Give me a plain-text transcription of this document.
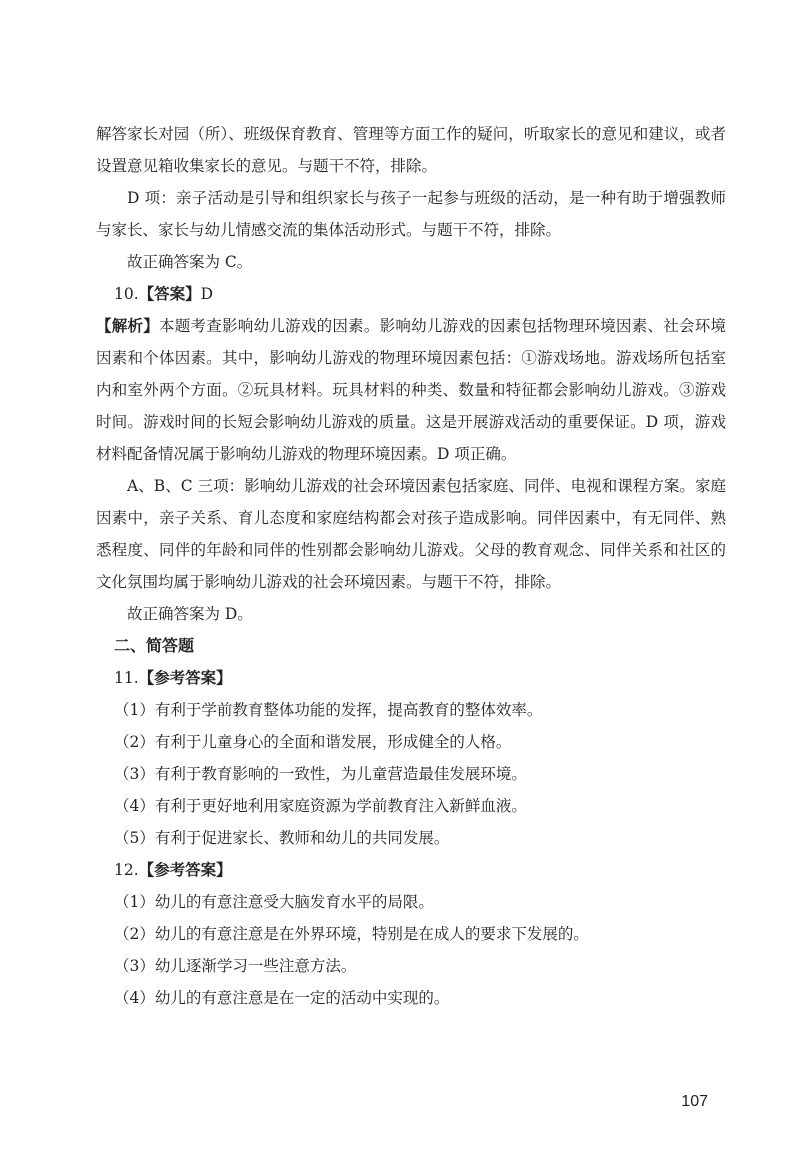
解答家长对园（所）、班级保育教育、管理等方面工作的疑问，听取家长的意见和建议，或者设置意见箱收集家长的意见。与题干不符，排除。

D 项：亲子活动是引导和组织家长与孩子一起参与班级的活动，是一种有助于增强教师与家长、家长与幼儿情感交流的集体活动形式。与题干不符，排除。

故正确答案为 C。

10.【答案】D

【解析】本题考查影响幼儿游戏的因素。影响幼儿游戏的因素包括物理环境因素、社会环境因素和个体因素。其中，影响幼儿游戏的物理环境因素包括：①游戏场地。游戏场所包括室内和室外两个方面。②玩具材料。玩具材料的种类、数量和特征都会影响幼儿游戏。③游戏时间。游戏时间的长短会影响幼儿游戏的质量。这是开展游戏活动的重要保证。D 项，游戏材料配备情况属于影响幼儿游戏的物理环境因素。D 项正确。

A、B、C 三项：影响幼儿游戏的社会环境因素包括家庭、同伴、电视和课程方案。家庭因素中，亲子关系、育儿态度和家庭结构都会对孩子造成影响。同伴因素中，有无同伴、熟悉程度、同伴的年龄和同伴的性别都会影响幼儿游戏。父母的教育观念、同伴关系和社区的文化氛围均属于影响幼儿游戏的社会环境因素。与题干不符，排除。

故正确答案为 D。

二、简答题

11.【参考答案】

（1）有利于学前教育整体功能的发挥，提高教育的整体效率。

（2）有利于儿童身心的全面和谐发展，形成健全的人格。

（3）有利于教育影响的一致性，为儿童营造最佳发展环境。

（4）有利于更好地利用家庭资源为学前教育注入新鲜血液。

（5）有利于促进家长、教师和幼儿的共同发展。

12.【参考答案】

（1）幼儿的有意注意受大脑发育水平的局限。

（2）幼儿的有意注意是在外界环境，特别是在成人的要求下发展的。

（3）幼儿逐渐学习一些注意方法。

（4）幼儿的有意注意是在一定的活动中实现的。

107
